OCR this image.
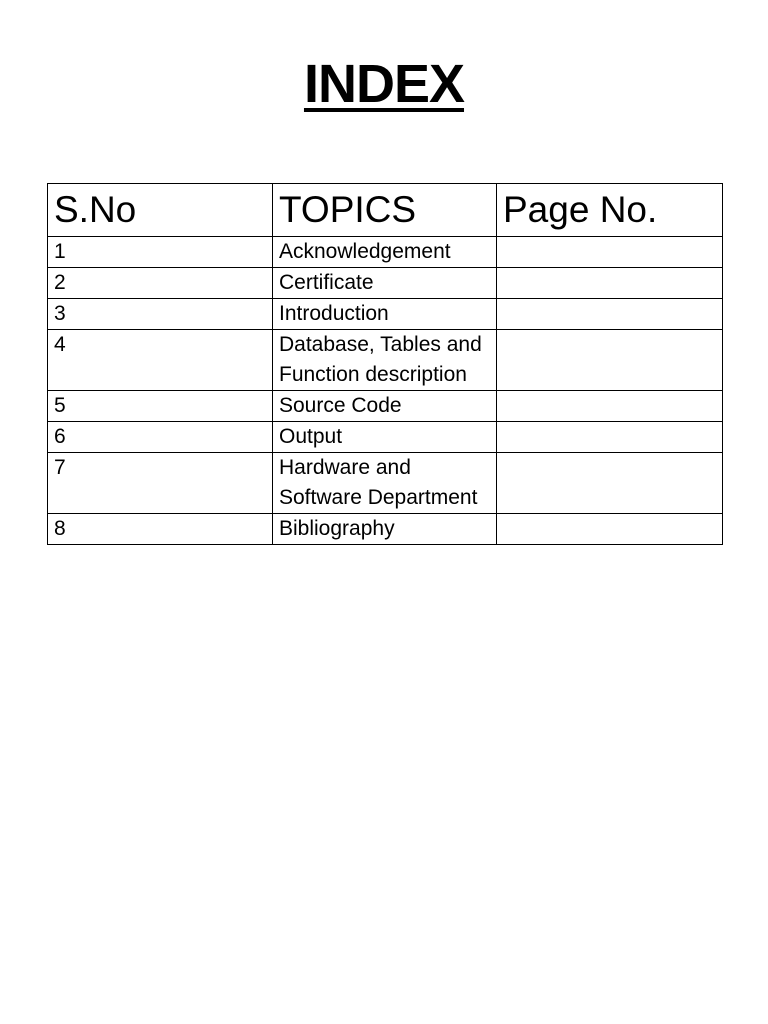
INDEX
S.No	TOPICS	Page No.
1	Acknowledgement	
2	Certificate	
3	Introduction	
4	Database, Tables and Function description	
5	Source Code	
6	Output	
7	Hardware and Software Department	
8	Bibliography	
